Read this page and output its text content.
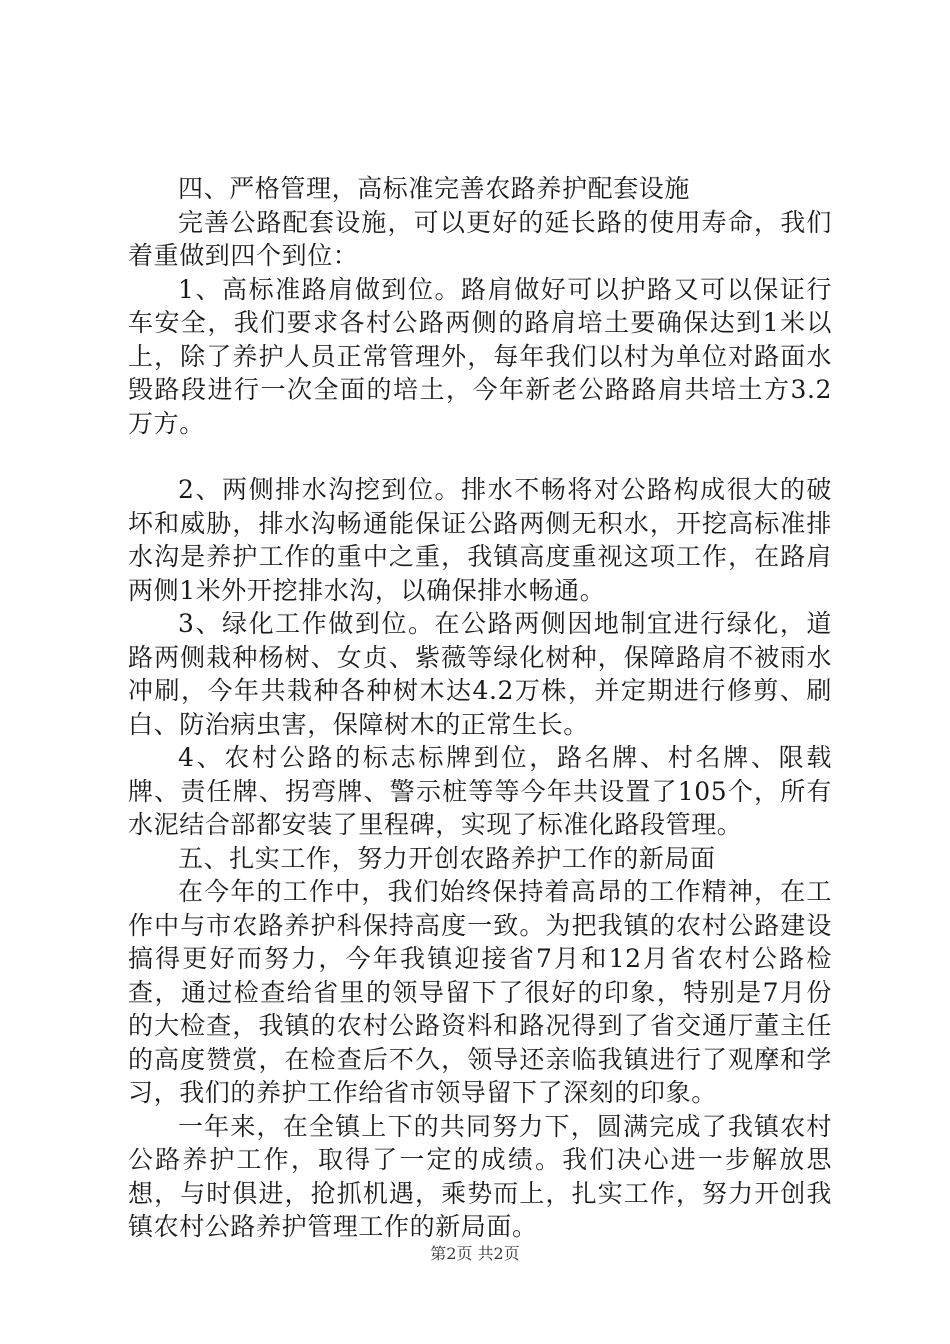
四、严格管理，高标准完善农路养护配套设施

完善公路配套设施，可以更好的延长路的使用寿命，我们着重做到四个到位：

1、高标准路肩做到位。路肩做好可以护路又可以保证行车安全，我们要求各村公路两侧的路肩培土要确保达到1米以上，除了养护人员正常管理外，每年我们以村为单位对路面水毁路段进行一次全面的培土，今年新老公路路肩共培土方3.2万方。

2、两侧排水沟挖到位。排水不畅将对公路构成很大的破坏和威胁，排水沟畅通能保证公路两侧无积水，开挖高标准排水沟是养护工作的重中之重，我镇高度重视这项工作，在路肩两侧1米外开挖排水沟，以确保排水畅通。

3、绿化工作做到位。在公路两侧因地制宜进行绿化，道路两侧栽种杨树、女贞、紫薇等绿化树种，保障路肩不被雨水冲刷，今年共栽种各种树木达4.2万株，并定期进行修剪、刷白、防治病虫害，保障树木的正常生长。

4、农村公路的标志标牌到位，路名牌、村名牌、限载牌、责任牌、拐弯牌、警示桩等等今年共设置了105个，所有水泥结合部都安装了里程碑，实现了标准化路段管理。

五、扎实工作，努力开创农路养护工作的新局面

在今年的工作中，我们始终保持着高昂的工作精神，在工作中与市农路养护科保持高度一致。为把我镇的农村公路建设搞得更好而努力，今年我镇迎接省7月和12月省农村公路检查，通过检查给省里的领导留下了很好的印象，特别是7月份的大检查，我镇的农村公路资料和路况得到了省交通厅董主任的高度赞赏，在检查后不久，领导还亲临我镇进行了观摩和学习，我们的养护工作给省市领导留下了深刻的印象。

一年来，在全镇上下的共同努力下，圆满完成了我镇农村公路养护工作，取得了一定的成绩。我们决心进一步解放思想，与时俱进，抢抓机遇，乘势而上，扎实工作，努力开创我镇农村公路养护管理工作的新局面。

第2页 共2页
